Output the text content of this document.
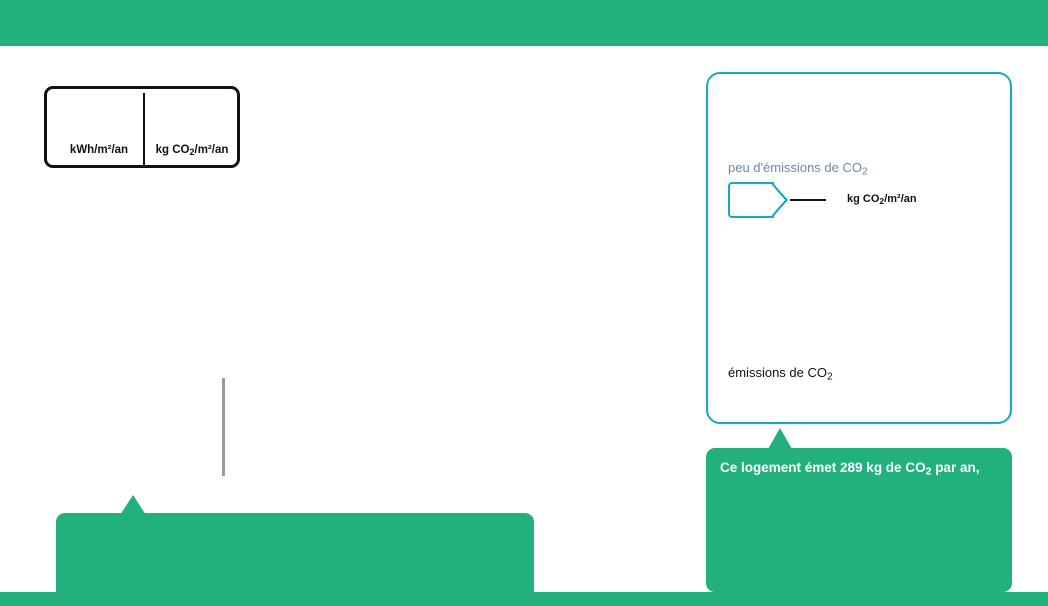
kWh/m²/an	kg $CO_2/m^2/an$

peu d'émissions de $CO_2$
kg $CO_2/m^2/an$
émissions de $CO_2$
Ce logement émet 289 kg de $CO_2$ par an,
